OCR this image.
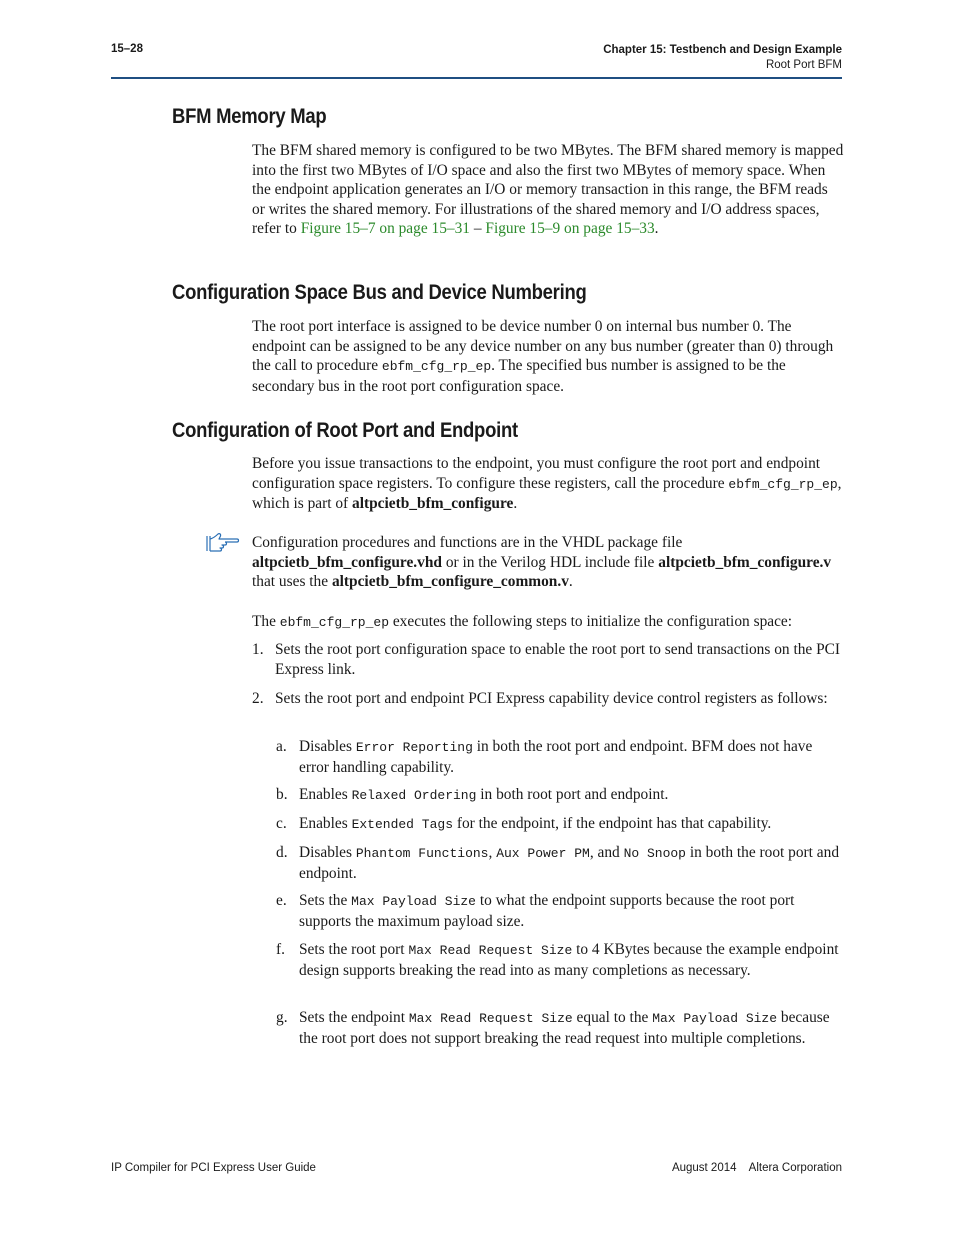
15–28	Chapter 15: Testbench and Design Example
Root Port BFM
BFM Memory Map

The BFM shared memory is configured to be two MBytes. The BFM shared memory is mapped into the first two MBytes of I/O space and also the first two MBytes of memory space. When the endpoint application generates an I/O or memory transaction in this range, the BFM reads or writes the shared memory. For illustrations of the shared memory and I/O address spaces, refer to Figure 15–7 on page 15–31 – Figure 15–9 on page 15–33.

Configuration Space Bus and Device Numbering

The root port interface is assigned to be device number 0 on internal bus number 0. The endpoint can be assigned to be any device number on any bus number (greater than 0) through the call to procedure ebfm_cfg_rp_ep. The specified bus number is assigned to be the secondary bus in the root port configuration space.

Configuration of Root Port and Endpoint

Before you issue transactions to the endpoint, you must configure the root port and endpoint configuration space registers. To configure these registers, call the procedure ebfm_cfg_rp_ep, which is part of altpcietb_bfm_configure.

Configuration procedures and functions are in the VHDL package file altpcietb_bfm_configure.vhd or in the Verilog HDL include file altpcietb_bfm_configure.v that uses the altpcietb_bfm_configure_common.v.

The ebfm_cfg_rp_ep executes the following steps to initialize the configuration space:

1. Sets the root port configuration space to enable the root port to send transactions on the PCI Express link.
2. Sets the root port and endpoint PCI Express capability device control registers as follows:
a. Disables Error Reporting in both the root port and endpoint. BFM does not have error handling capability.
b. Enables Relaxed Ordering in both root port and endpoint.
c. Enables Extended Tags for the endpoint, if the endpoint has that capability.
d. Disables Phantom Functions, Aux Power PM, and No Snoop in both the root port and endpoint.
e. Sets the Max Payload Size to what the endpoint supports because the root port supports the maximum payload size.
f. Sets the root port Max Read Request Size to 4 KBytes because the example endpoint design supports breaking the read into as many completions as necessary.
g. Sets the endpoint Max Read Request Size equal to the Max Payload Size because the root port does not support breaking the read request into multiple completions.
IP Compiler for PCI Express User Guide	August 2014    Altera Corporation
